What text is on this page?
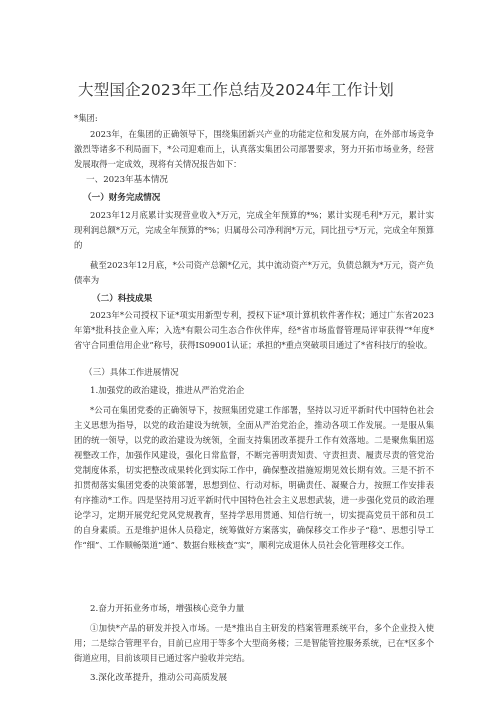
大型国企2023年工作总结及2024年工作计划

*集团:

2023年，在集团的正确领导下，围绕集团新兴产业的功能定位和发展方向，在外部市场竞争激烈等诸多不利局面下，*公司迎难而上，认真落实集团公司部署要求，努力开拓市场业务，经营发展取得一定成效，现将有关情况报告如下：

一、2023年基本情况

（一）财务完成情况

2023年12月底累计实现营业收入*万元，完成全年预算的*%；累计实现毛利*万元，累计实现利润总额*万元，完成全年预算的*%；归属母公司净利润*万元，同比扭亏*万元，完成全年预算的

截至2023年12月底，*公司资产总额*亿元，其中流动资产*万元，负债总额为*万元，资产负债率为

（二）科技成果

2023年*公司授权下证*项实用新型专利，授权下证*项计算机软件著作权；通过广东省2023年第*批科技企业入库；入选*有限公司生态合作伙伴库，经*省市场监督管理局评审获得“*年度*省守合同重信用企业”称号，获得IS09001认证；承担的*重点突破项目通过了*省科技厅的验收。

（三）具体工作进展情况

1.加强党的政治建设，推进从严治党治企

*公司在集团党委的正确领导下，按照集团党建工作部署，坚持以习近平新时代中国特色社会主义思想为指导，以党的政治建设为统领，全面从严治党治企，推动各项工作发展。一是服从集团的统一领导，以党的政治建设为统领，全面支持集团改革提升工作有效落地。二是聚焦集团巡视整改工作，加强作风建设，强化日常监督，不断完善明责知责、守责担责、履责尽责的管党治党制度体系，切实把整改成果转化到实际工作中，确保整改措施短期见效长期有效。三是不折不扣贯彻落实集团党委的决策部署，思想到位、行动对标，明确责任、凝聚合力，按照工作安排表有序推动*工作。四是坚持用习近平新时代中国特色社会主义思想武装，进一步强化党员的政治理论学习，定期开展党纪党风党规教育，坚持学思用贯通、知信行统一，切实提高党员干部和员工的自身素质。五是维护退休人员稳定，统筹做好方案落实，确保移交工作步子“稳”、思想引导工作“细”、工作顺畅渠道“通”、数据台账核查“实”，顺利完成退休人员社会化管理移交工作。

2.奋力开拓业务市场，增强核心竞争力量

①加快*产品的研发并投入市场。一是*推出自主研发的档案管理系统平台，多个企业投入使用；二是综合管理平台，目前已应用于等多个大型商务楼；三是智能管控服务系统，已在*区多个街道应用，目前该项目已通过客户验收并完结。

3.深化改革提升，推动公司高质发展
